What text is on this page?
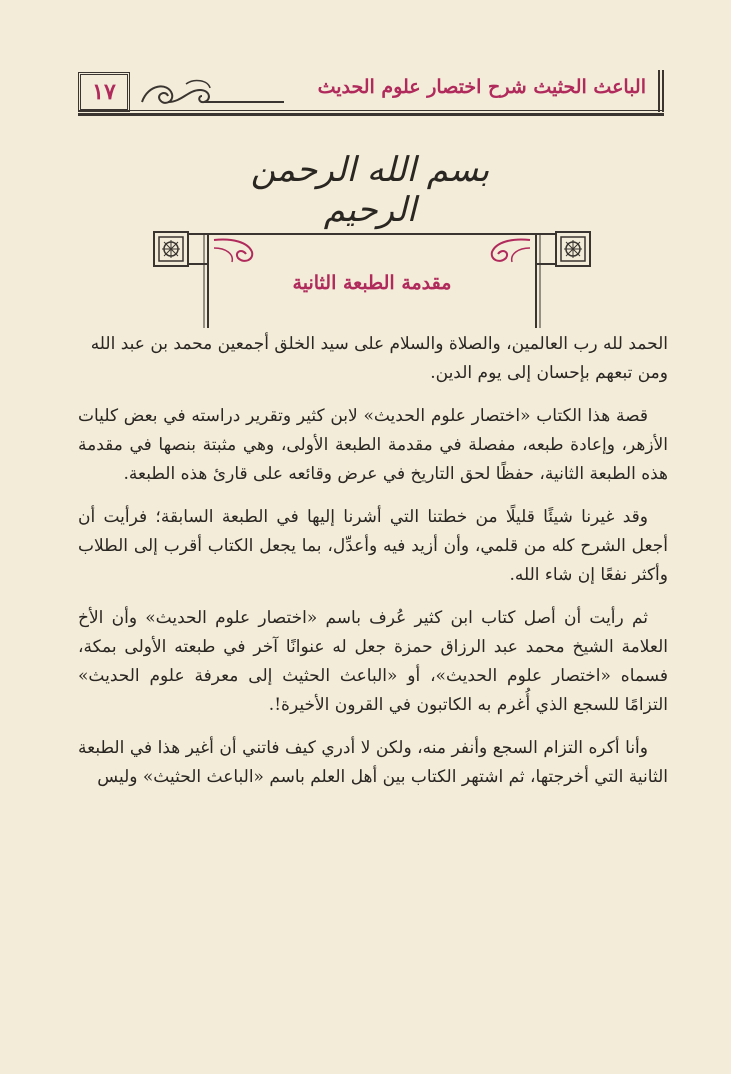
١٧	الباعث الحثيث شرح اختصار علوم الحديث
بسم الله الرحمن الرحيم
مقدمة الطبعة الثانية

الحمد لله رب العالمين، والصلاة والسلام على سيد الخلق أجمعين محمد بن عبد الله

ومن تبعهم بإحسان إلى يوم الدين.

قصة هذا الكتاب «اختصار علوم الحديث» لابن كثير وتقرير دراسته في بعض كليات الأزهر، وإعادة طبعه، مفصلة في مقدمة الطبعة الأولى، وهي مثبتة بنصها في مقدمة هذه الطبعة الثانية، حفظًا لحق التاريخ في عرض وقائعه على قارئ هذه الطبعة.

وقد غيرنا شيئًا قليلًا من خطتنا التي أشرنا إليها في الطبعة السابقة؛ فرأيت أن أجعل الشرح كله من قلمي، وأن أزيد فيه وأعدِّل، بما يجعل الكتاب أقرب إلى الطلاب وأكثر نفعًا إن شاء الله.

ثم رأيت أن أصل كتاب ابن كثير عُرف باسم «اختصار علوم الحديث» وأن الأخ العلامة الشيخ محمد عبد الرزاق حمزة جعل له عنوانًا آخر في طبعته الأولى بمكة، فسماه «اختصار علوم الحديث»، أو «الباعث الحثيث إلى معرفة علوم الحديث» التزامًا للسجع الذي أُغرم به الكاتبون في القرون الأخيرة!.

وأنا أكره التزام السجع وأنفر منه، ولكن لا أدري كيف فاتني أن أغير هذا في الطبعة الثانية التي أخرجتها، ثم اشتهر الكتاب بين أهل العلم باسم «الباعث الحثيث» وليس
